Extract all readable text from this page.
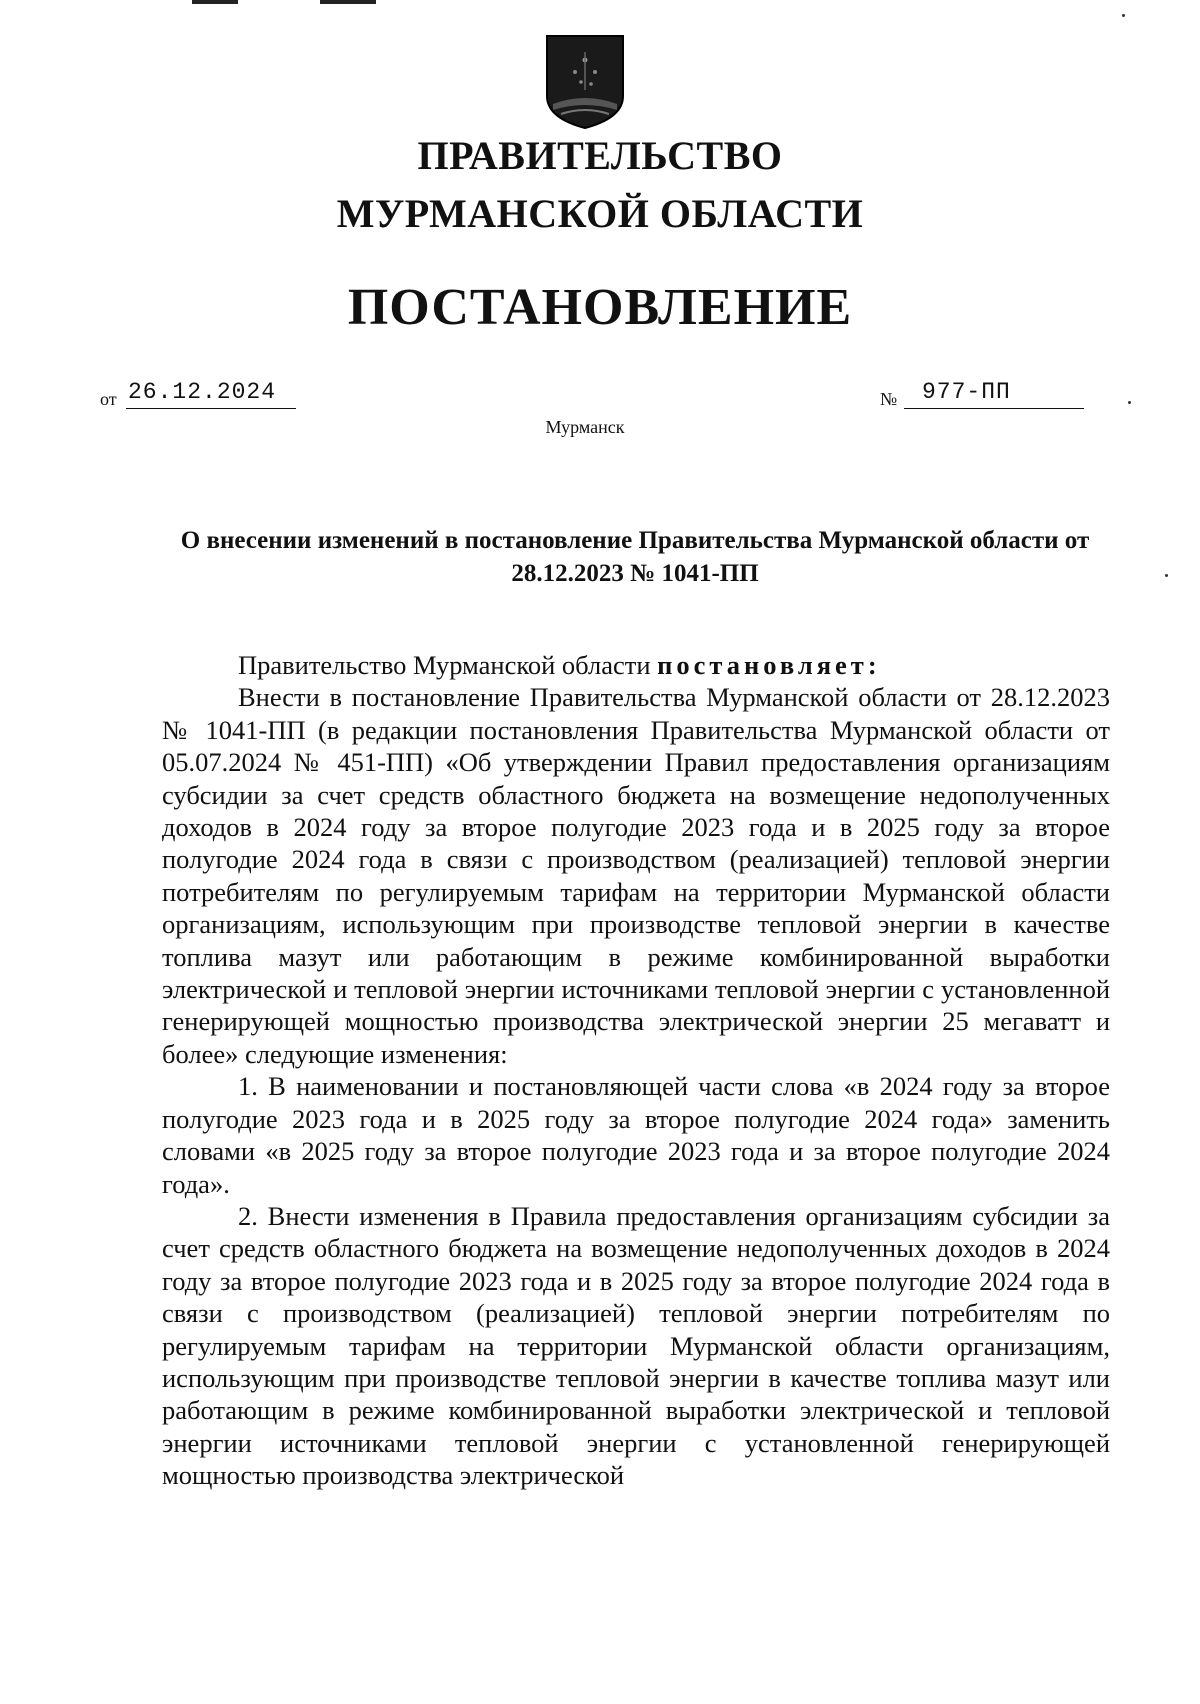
ПРАВИТЕЛЬСТВО
МУРМАНСКОЙ ОБЛАСТИ
ПОСТАНОВЛЕНИЕ
от 26.12.2024	№ 977-ПП
Мурманск
О внесении изменений в постановление Правительства Мурманской области от 28.12.2023 № 1041-ПП

Правительство Мурманской области постановляет:

Внести в постановление Правительства Мурманской области от 28.12.2023 № 1041-ПП (в редакции постановления Правительства Мурманской области от 05.07.2024 № 451-ПП) «Об утверждении Правил предоставления организациям субсидии за счет средств областного бюджета на возмещение недополученных доходов в 2024 году за второе полугодие 2023 года и в 2025 году за второе полугодие 2024 года в связи с производством (реализацией) тепловой энергии потребителям по регулируемым тарифам на территории Мурманской области организациям, использующим при производстве тепловой энергии в качестве топлива мазут или работающим в режиме комбинированной выработки электрической и тепловой энергии источниками тепловой энергии с установленной генерирующей мощностью производства электрической энергии 25 мегаватт и более» следующие изменения:

1. В наименовании и постановляющей части слова «в 2024 году за второе полугодие 2023 года и в 2025 году за второе полугодие 2024 года» заменить словами «в 2025 году за второе полугодие 2023 года и за второе полугодие 2024 года».

2. Внести изменения в Правила предоставления организациям субсидии за счет средств областного бюджета на возмещение недополученных доходов в 2024 году за второе полугодие 2023 года и в 2025 году за второе полугодие 2024 года в связи с производством (реализацией) тепловой энергии потребителям по регулируемым тарифам на территории Мурманской области организациям, использующим при производстве тепловой энергии в качестве топлива мазут или работающим в режиме комбинированной выработки электрической и тепловой энергии источниками тепловой энергии с установленной генерирующей мощностью производства электрической
